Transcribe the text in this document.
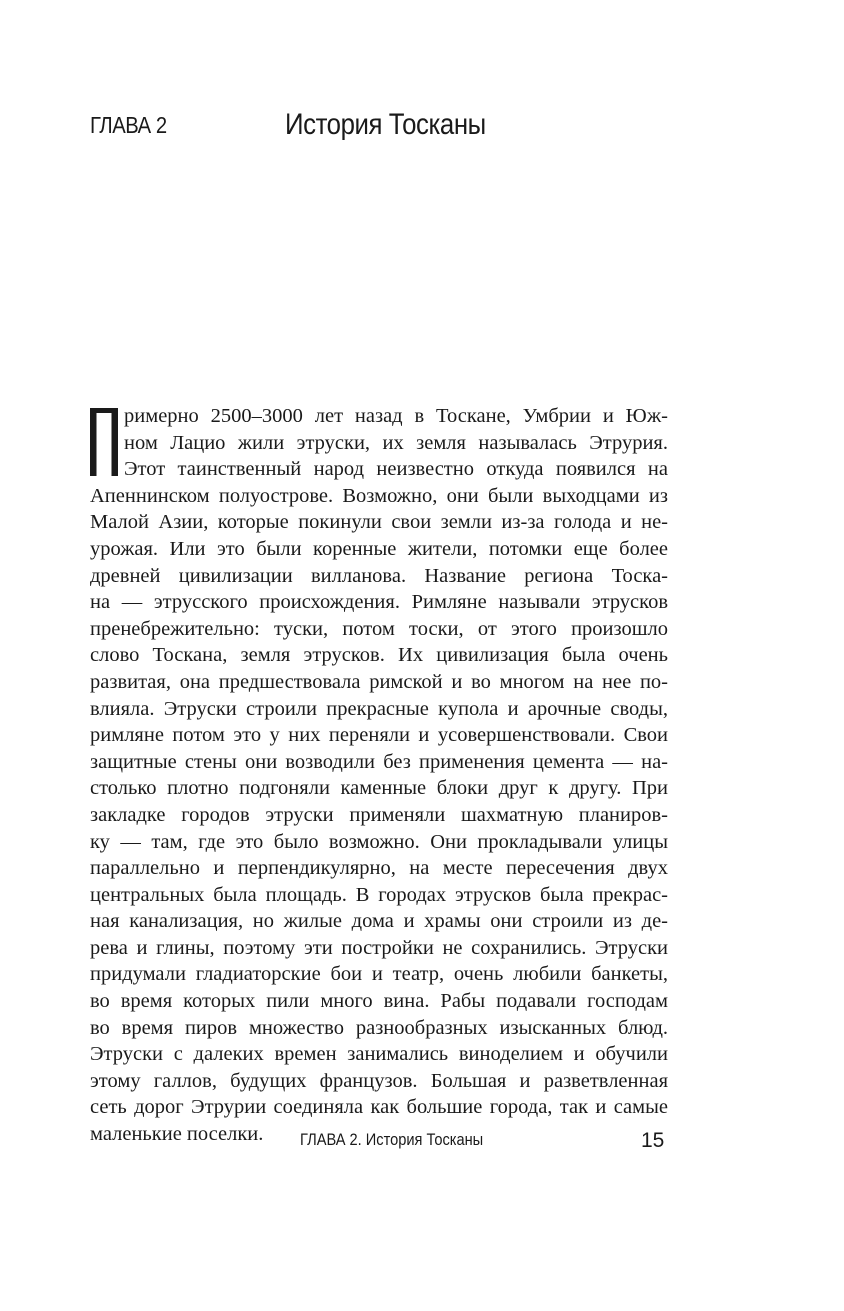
ГЛАВА 2	История Тосканы
римерно 2500–3000 лет назад в Тоскане, Умбрии и Юж-
ном Лацио жили этруски, их земля называлась Этрурия.
Этот таинственный народ неизвестно откуда появился на
Апеннинском полуострове. Возможно, они были выходцами из
Малой Азии, которые покинули свои земли из-за голода и не-
урожая. Или это были коренные жители, потомки еще более
древней цивилизации вилланова. Название региона Тоска-
на — этрусского происхождения. Римляне называли этрусков
пренебрежительно: туски, потом тоски, от этого произошло
слово Тоскана, земля этрусков. Их цивилизация была очень
развитая, она предшествовала римской и во многом на нее по-
влияла. Этруски строили прекрасные купола и арочные своды,
римляне потом это у них переняли и усовершенствовали. Свои
защитные стены они возводили без применения цемента — на-
столько плотно подгоняли каменные блоки друг к другу. При
закладке городов этруски применяли шахматную планиров-
ку — там, где это было возможно. Они прокладывали улицы
параллельно и перпендикулярно, на месте пересечения двух
центральных была площадь. В городах этрусков была прекрас-
ная канализация, но жилые дома и храмы они строили из де-
рева и глины, поэтому эти постройки не сохранились. Этруски
придумали гладиаторские бои и театр, очень любили банкеты,
во время которых пили много вина. Рабы подавали господам
во время пиров множество разнообразных изысканных блюд.
Этруски с далеких времен занимались виноделием и обучили
этому галлов, будущих французов. Большая и разветвленная
сеть дорог Этрурии соединяла как большие города, так и самые
маленькие поселки.	ГЛАВА 2. История Тосканы	15
